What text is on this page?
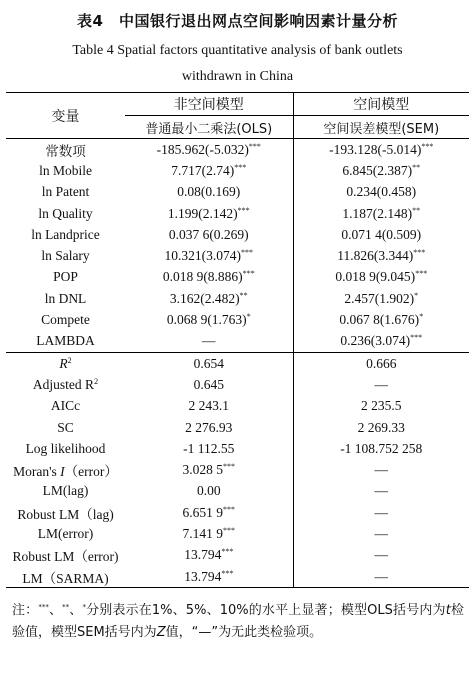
表4　中国银行退出网点空间影响因素计量分析
Table 4 Spatial factors quantitative analysis of bank outlets
withdrawn in China
变量	非空间模型	空间模型
	普通最小二乘法(OLS)	空间误差模型(SEM)
常数项	-185.962(-5.032)***	-193.128(-5.014)***
ln Mobile	7.717(2.74)***	6.845(2.387)**
ln Patent	0.08(0.169)	0.234(0.458)
ln Quality	1.199(2.142)***	1.187(2.148)**
ln Landprice	0.037 6(0.269)	0.071 4(0.509)
ln Salary	10.321(3.074)***	11.826(3.344)***
POP	0.018 9(8.886)***	0.018 9(9.045)***
ln DNL	3.162(2.482)**	2.457(1.902)*
Compete	0.068 9(1.763)*	0.067 8(1.676)*
LAMBDA	—	0.236(3.074)***
$R^2$	0.654	0.666
Adjusted $R^2$	0.645	—
AICc	2 243.1	2 235.5
SC	2 276.93	2 269.33
Log likelihood	-1 112.55	-1 108.752 258
Moran's I（error）	3.028 5***	—
LM(lag)	0.00	—
Robust LM（lag)	6.651 9***	—
LM(error)	7.141 9***	—
Robust LM（error)	13.794***	—
LM（SARMA)	13.794***	—
注：***、**、*分别表示在1%、5%、10%的水平上显著；模型OLS括号内为t检验值，模型SEM括号内为Z值，“—”为无此类检验项。
